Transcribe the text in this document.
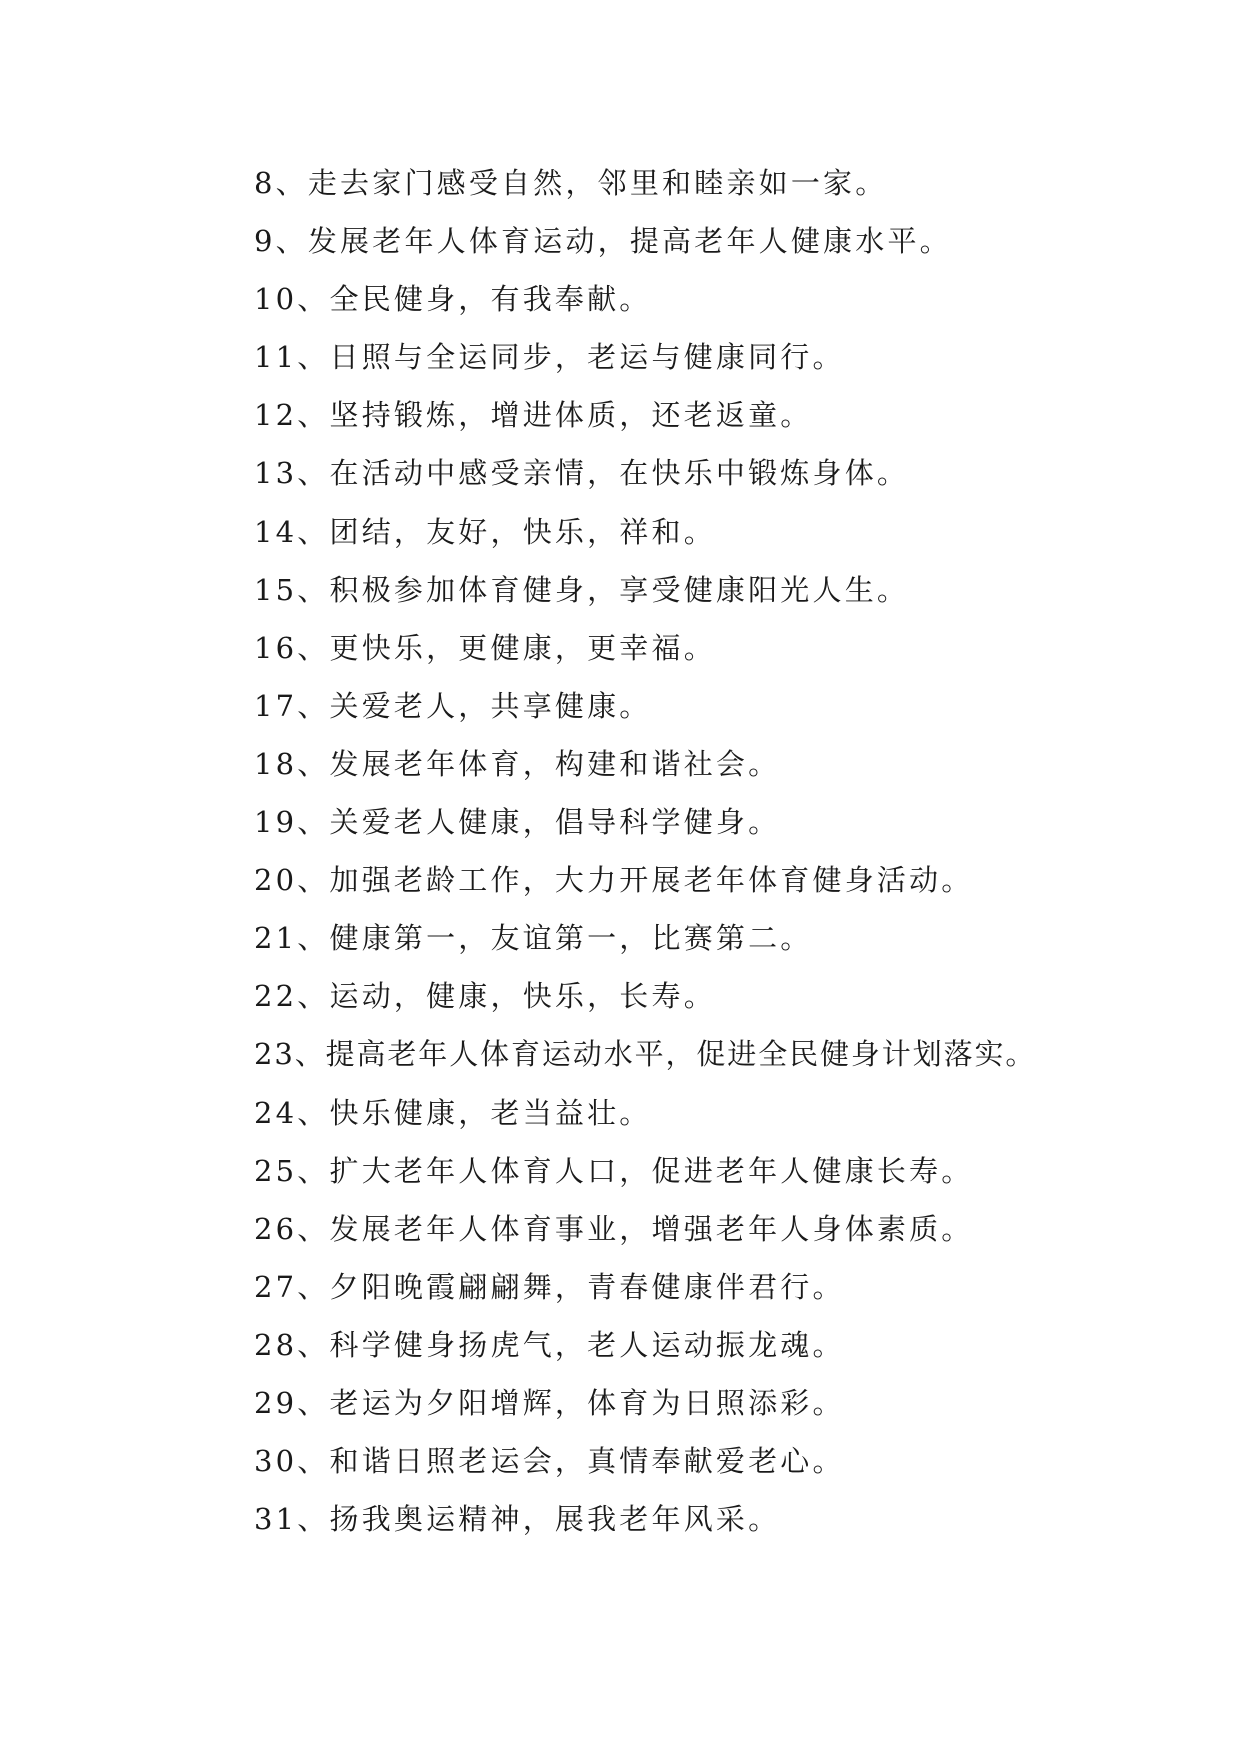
8、走去家门感受自然，邻里和睦亲如一家。
9、发展老年人体育运动，提高老年人健康水平。
10、全民健身，有我奉献。
11、日照与全运同步，老运与健康同行。
12、坚持锻炼，增进体质，还老返童。
13、在活动中感受亲情，在快乐中锻炼身体。
14、团结，友好，快乐，祥和。
15、积极参加体育健身，享受健康阳光人生。
16、更快乐，更健康，更幸福。
17、关爱老人，共享健康。
18、发展老年体育，构建和谐社会。
19、关爱老人健康，倡导科学健身。
20、加强老龄工作，大力开展老年体育健身活动。
21、健康第一，友谊第一，比赛第二。
22、运动，健康，快乐，长寿。
23、提高老年人体育运动水平，促进全民健身计划落实。
24、快乐健康，老当益壮。
25、扩大老年人体育人口，促进老年人健康长寿。
26、发展老年人体育事业，增强老年人身体素质。
27、夕阳晚霞翩翩舞，青春健康伴君行。
28、科学健身扬虎气，老人运动振龙魂。
29、老运为夕阳增辉，体育为日照添彩。
30、和谐日照老运会，真情奉献爱老心。
31、扬我奥运精神，展我老年风采。
